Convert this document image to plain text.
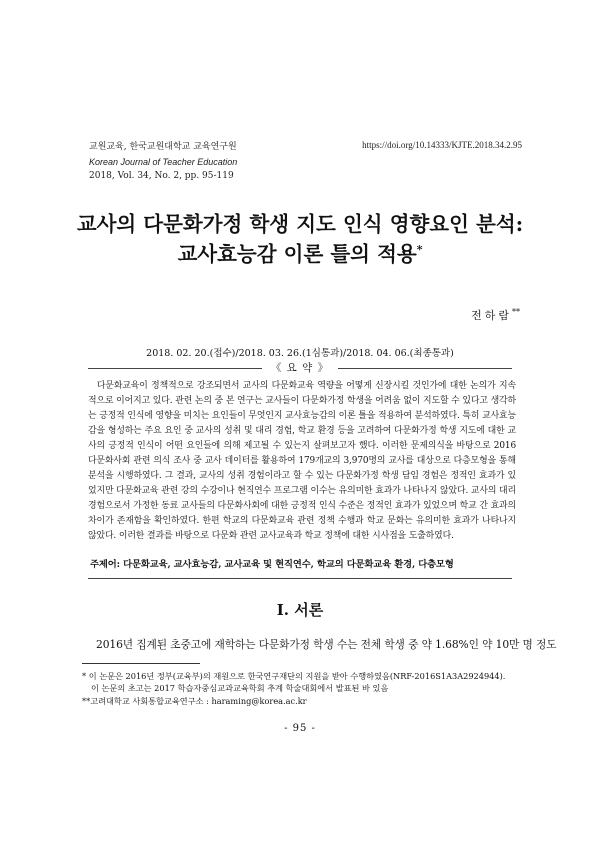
교원교육, 한국교원대학교 교육연구원
Korean Journal of Teacher Education
2018, Vol. 34, No. 2, pp. 95-119
https://doi.org/10.14333/KJTE.2018.34.2.95
교사의 다문화가정 학생 지도 인식 영향요인 분석:
교사효능감 이론 틀의 적용*
전하람**
2018. 02. 20.(접수)/2018. 03. 26.(1심통과)/2018. 04. 06.(최종통과)
《 요 약 》

다문화교육이 정책적으로 강조되면서 교사의 다문화교육 역량을 어떻게 신장시킬 것인가에 대한 논의가 지속적으로 이어지고 있다. 관련 논의 중 본 연구는 교사들이 다문화가정 학생을 어려움 없이 지도할 수 있다고 생각하는 긍정적 인식에 영향을 미치는 요인들이 무엇인지 교사효능감의 이론 틀을 적용하여 분석하였다. 특히 교사효능감을 형성하는 주요 요인 중 교사의 성취 및 대리 경험, 학교 환경 등을 고려하여 다문화가정 학생 지도에 대한 교사의 긍정적 인식이 어떤 요인들에 의해 제고될 수 있는지 살펴보고자 했다. 이러한 문제의식을 바탕으로 2016 다문화사회 관련 의식 조사 중 교사 데이터를 활용하여 179개교의 3,970명의 교사를 대상으로 다층모형을 통해 분석을 시행하였다. 그 결과, 교사의 성취 경험이라고 할 수 있는 다문화가정 학생 담임 경험은 정적인 효과가 있었지만 다문화교육 관련 강의 수강이나 현직연수 프로그램 이수는 유의미한 효과가 나타나지 않았다. 교사의 대리 경험으로서 가정한 동료 교사들의 다문화사회에 대한 긍정적 인식 수준은 정적인 효과가 있었으며 학교 간 효과의 차이가 존재함을 확인하였다. 한편 학교의 다문화교육 관련 정책 수행과 학교 문화는 유의미한 효과가 나타나지 않았다. 이러한 결과를 바탕으로 다문화 관련 교사교육과 학교 정책에 대한 시사점을 도출하였다.

주제어: 다문화교육, 교사효능감, 교사교육 및 현직연수, 학교의 다문화교육 환경, 다층모형
Ⅰ. 서론
2016년 집계된 초중고에 재학하는 다문화가정 학생 수는 전체 학생 중 약 1.68%인 약 10만 명 정도
* 이 논문은 2016년 정부(교육부)의 재원으로 한국연구재단의 지원을 받아 수행하였음(NRF-2016S1A3A2924944).
이 논문의 초고는 2017 학습자중심교과교육학회 추계 학술대회에서 발표된 바 있음
**고려대학교 사회통합교육연구소 : haraming@korea.ac.kr
- 95 -
